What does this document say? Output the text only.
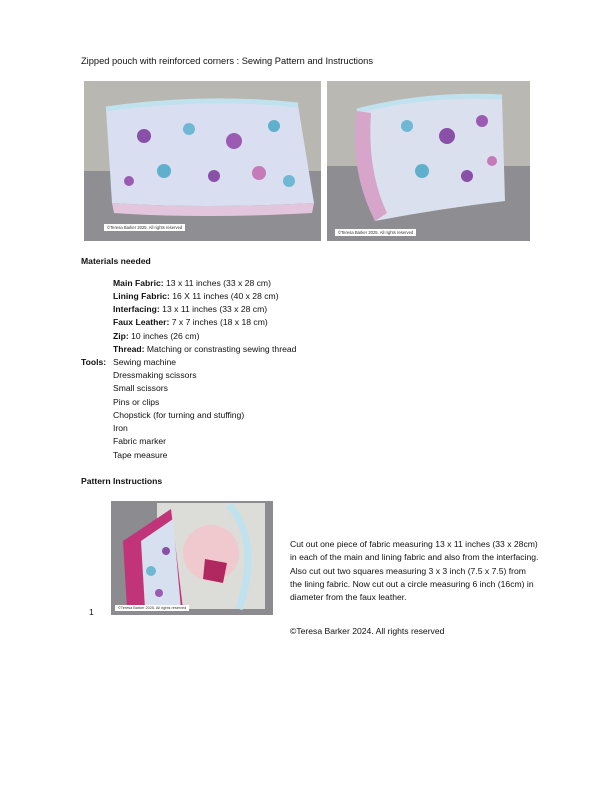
Zipped pouch with reinforced corners : Sewing Pattern and Instructions
©Teresa Barker 2025. All rights reserved
©Teresa Barker 2025. All rights reserved
Materials needed
Main Fabric: 13 x 11 inches (33 x 28 cm)
Lining Fabric: 16 X 11 inches (40 x 28 cm)
Interfacing: 13 x 11 inches (33 x 28 cm)
Faux Leather: 7 x 7 inches (18 x 18 cm)
Zip: 10 inches (26 cm)
Thread: Matching or constrasting sewing thread
Tools: Sewing machine
Dressmaking scissors
Small scissors
Pins or clips
Chopstick (for turning and stuffing)
Iron
Fabric marker
Tape measure
Pattern Instructions
©Teresa Barker 2025. All rights reserved
1
Cut out one piece of fabric measuring 13 x 11 inches (33 x 28cm) in each of the main and lining fabric and also from the interfacing. Also cut out two squares measuring 3 x 3 inch (7.5 x 7.5) from the lining fabric. Now cut out a circle measuring 6 inch (16cm) in diameter from the faux leather.
©Teresa Barker 2024. All rights reserved
